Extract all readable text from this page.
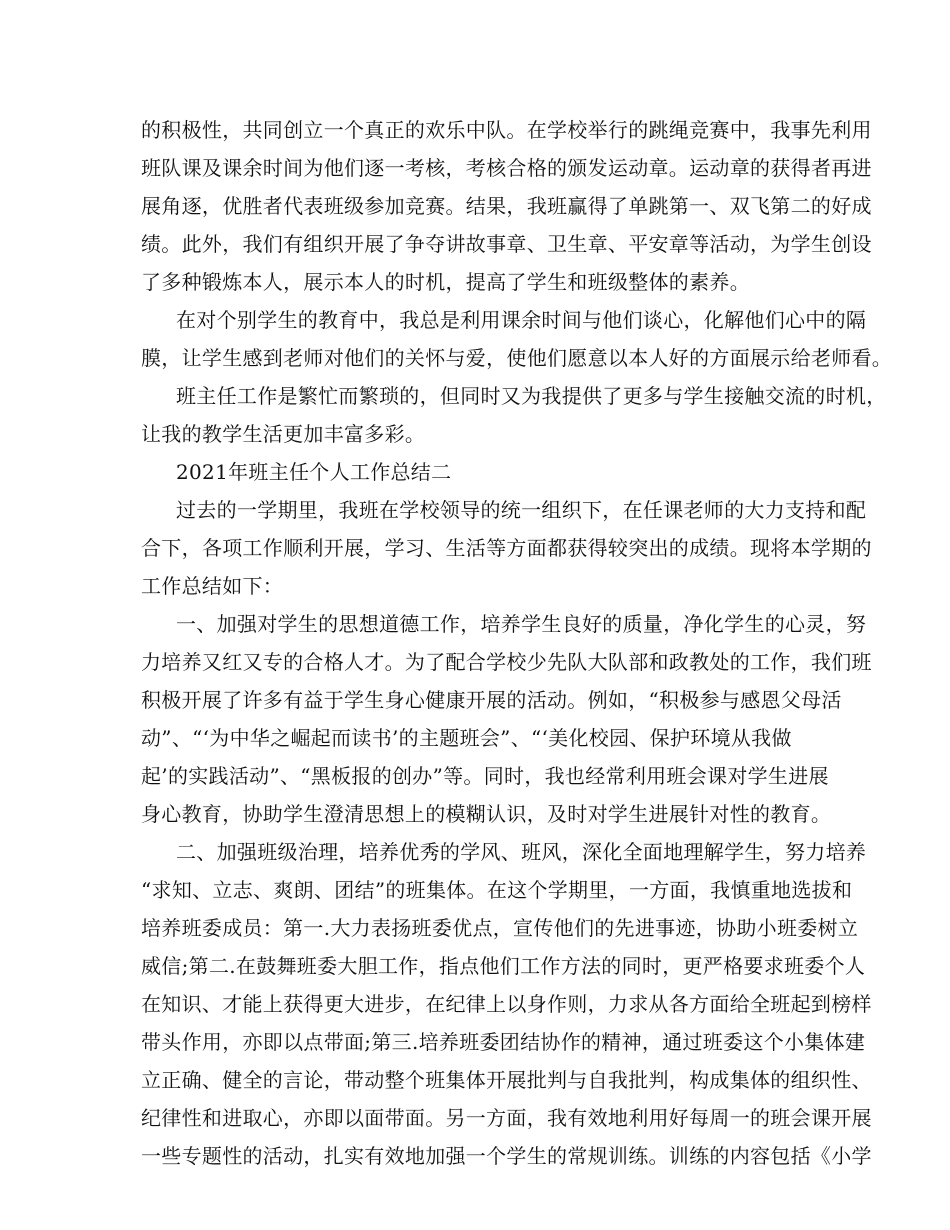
的积极性，共同创立一个真正的欢乐中队。在学校举行的跳绳竞赛中，我事先利用
班队课及课余时间为他们逐一考核，考核合格的颁发运动章。运动章的获得者再进
展角逐，优胜者代表班级参加竞赛。结果，我班赢得了单跳第一、双飞第二的好成
绩。此外，我们有组织开展了争夺讲故事章、卫生章、平安章等活动，为学生创设
了多种锻炼本人，展示本人的时机，提高了学生和班级整体的素养。
在对个别学生的教育中，我总是利用课余时间与他们谈心，化解他们心中的隔
膜，让学生感到老师对他们的关怀与爱，使他们愿意以本人好的方面展示给老师看。
班主任工作是繁忙而繁琐的，但同时又为我提供了更多与学生接触交流的时机，
让我的教学生活更加丰富多彩。
2021年班主任个人工作总结二
过去的一学期里，我班在学校领导的统一组织下，在任课老师的大力支持和配
合下，各项工作顺利开展，学习、生活等方面都获得较突出的成绩。现将本学期的
工作总结如下：
一、加强对学生的思想道德工作，培养学生良好的质量，净化学生的心灵，努
力培养又红又专的合格人才。为了配合学校少先队大队部和政教处的工作，我们班
积极开展了许多有益于学生身心健康开展的活动。例如，“积极参与感恩父母活
动”、“‘为中华之崛起而读书’的主题班会”、“‘美化校园、保护环境从我做
起’的实践活动”、“黑板报的创办”等。同时，我也经常利用班会课对学生进展
身心教育，协助学生澄清思想上的模糊认识，及时对学生进展针对性的教育。
二、加强班级治理，培养优秀的学风、班风，深化全面地理解学生，努力培养
“求知、立志、爽朗、团结”的班集体。在这个学期里，一方面，我慎重地选拔和
培养班委成员：第一.大力表扬班委优点，宣传他们的先进事迹，协助小班委树立
威信;第二.在鼓舞班委大胆工作，指点他们工作方法的同时，更严格要求班委个人
在知识、才能上获得更大进步，在纪律上以身作则，力求从各方面给全班起到榜样
带头作用，亦即以点带面;第三.培养班委团结协作的精神，通过班委这个小集体建
立正确、健全的言论，带动整个班集体开展批判与自我批判，构成集体的组织性、
纪律性和进取心，亦即以面带面。另一方面，我有效地利用好每周一的班会课开展
一些专题性的活动，扎实有效地加强一个学生的常规训练。训练的内容包括《小学
